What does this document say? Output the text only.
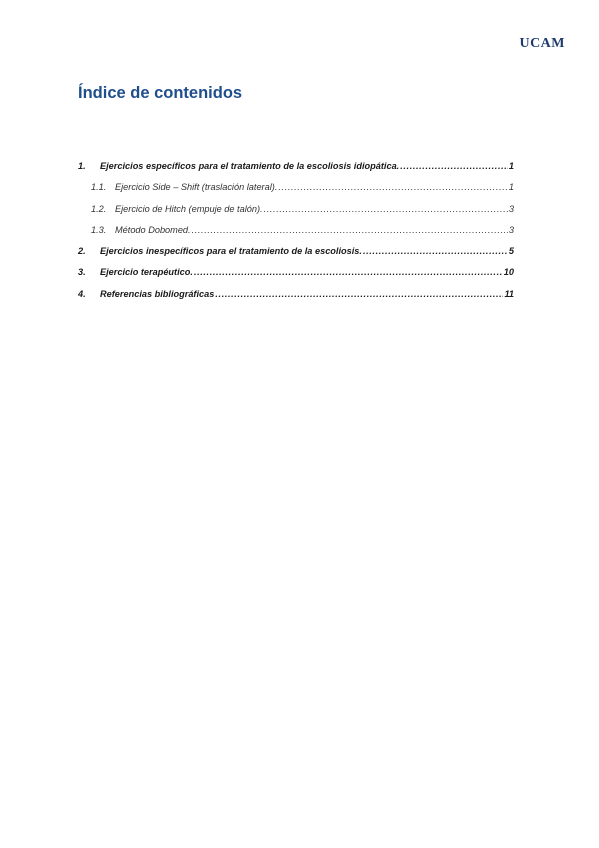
UCAM
Índice de contenidos
1.	Ejercicios específicos para el tratamiento de la escoliosis idiopática. .....	1
1.1. Ejercicio Side – Shift (traslación lateral). .....	1
1.2. Ejercicio de Hitch (empuje de talón). .....	3
1.3. Método Dobomed. .....	3
2.	Ejercicios inespecíficos para el tratamiento de la escoliosis. .....	5
3.	Ejercicio terapéutico. .....	10
4.	Referencias bibliográficas .....	11
